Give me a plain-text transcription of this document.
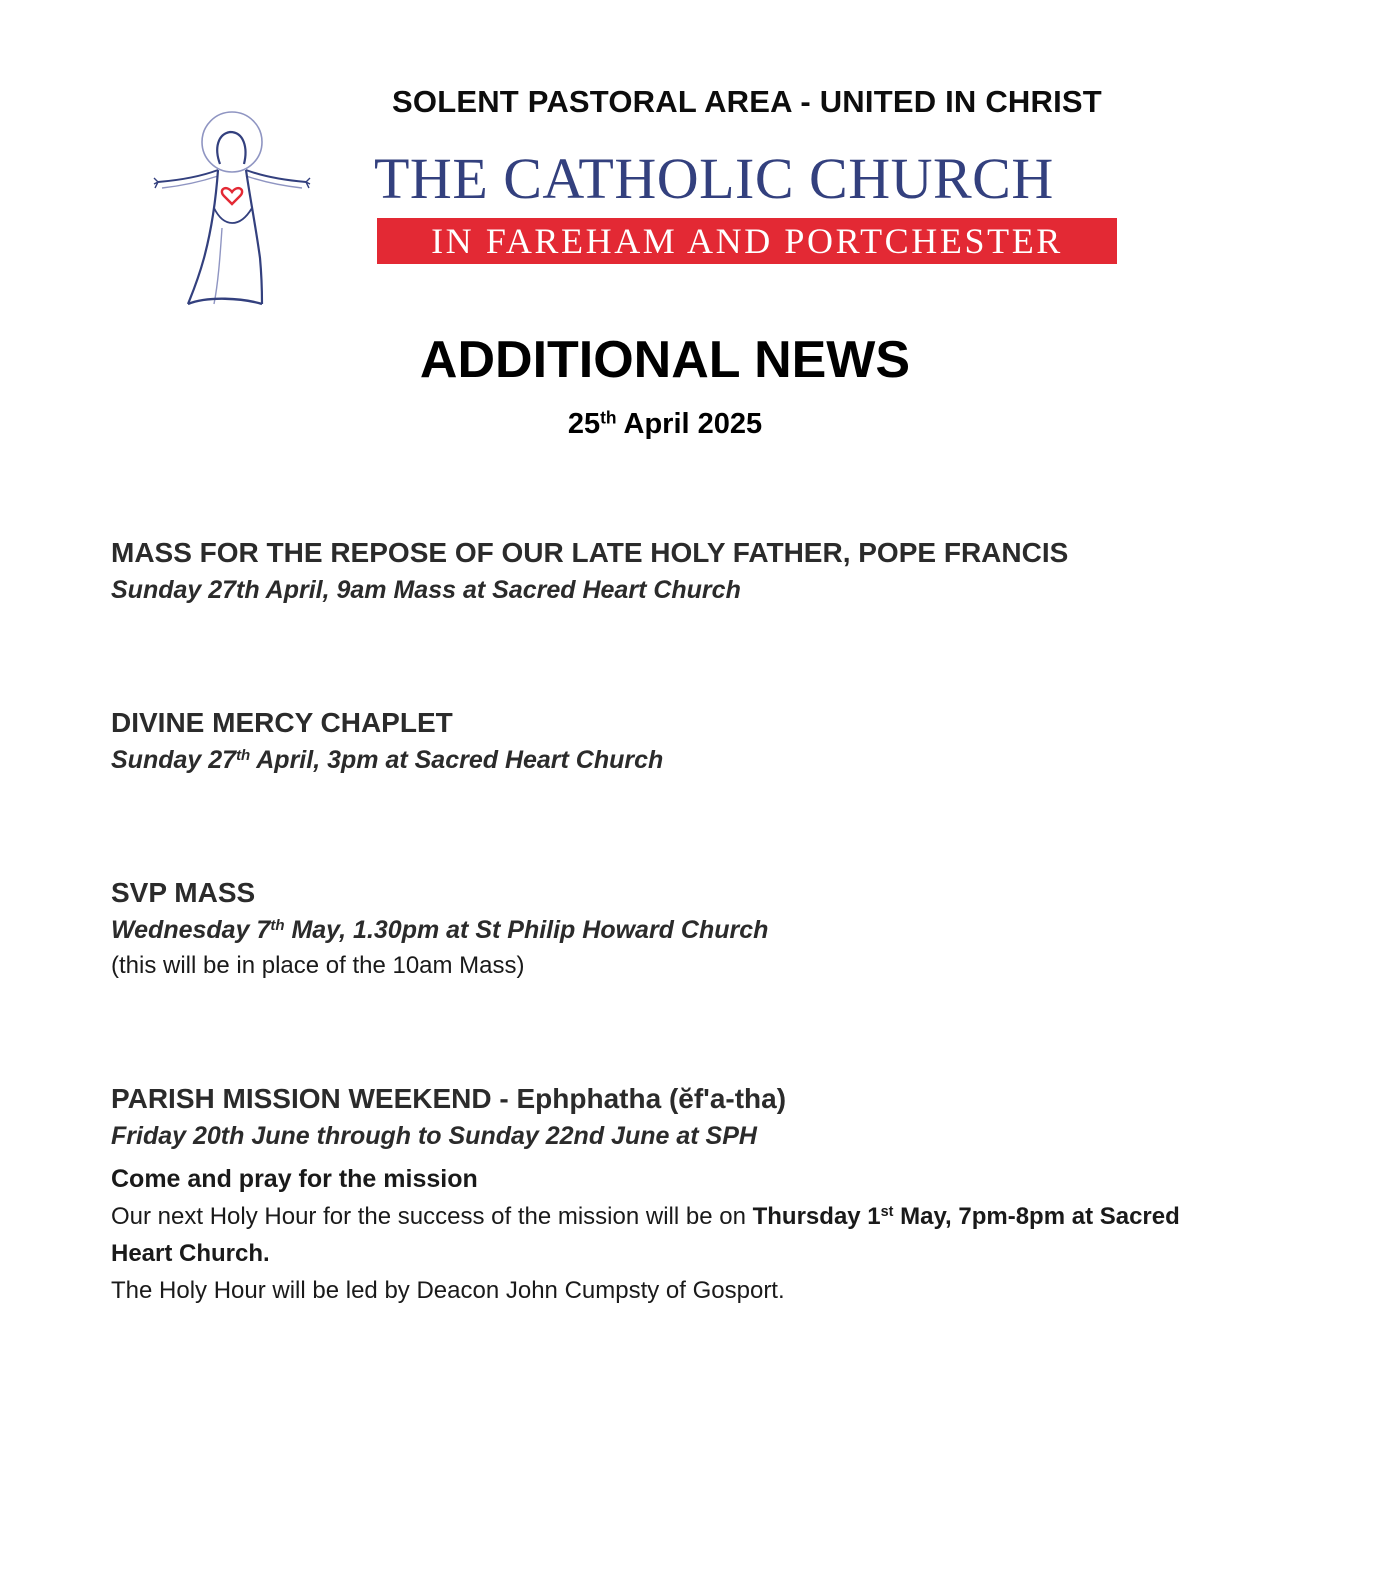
SOLENT PASTORAL AREA - UNITED IN CHRIST
THE CATHOLIC CHURCH
IN FAREHAM AND PORTCHESTER
ADDITIONAL NEWS
25th April 2025
MASS FOR THE REPOSE OF OUR LATE HOLY FATHER, POPE FRANCIS
Sunday 27th April, 9am Mass at Sacred Heart Church
DIVINE MERCY CHAPLET
Sunday 27th April, 3pm at Sacred Heart Church
SVP MASS
Wednesday 7th May, 1.30pm at St Philip Howard Church
(this will be in place of the 10am Mass)
PARISH MISSION WEEKEND - Ephphatha (ĕf'a-tha)
Friday 20th June through to Sunday 22nd June at SPH
Come and pray for the mission
Our next Holy Hour for the success of the mission will be on Thursday 1st May, 7pm-8pm at Sacred Heart Church.
The Holy Hour will be led by Deacon John Cumpsty of Gosport.
